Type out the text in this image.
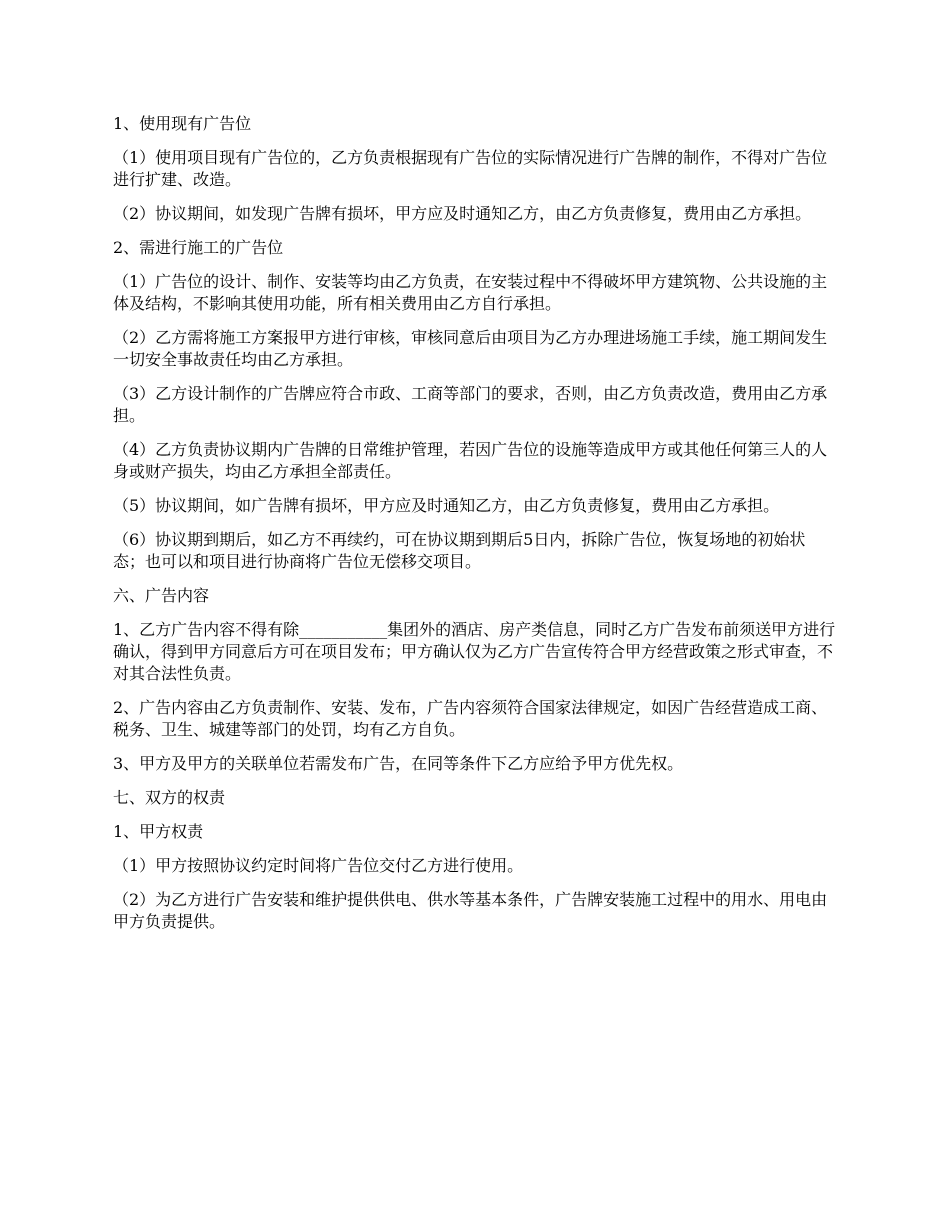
1、使用现有广告位

（1）使用项目现有广告位的，乙方负责根据现有广告位的实际情况进行广告牌的制作，不得对广告位进行扩建、改造。

（2）协议期间，如发现广告牌有损坏，甲方应及时通知乙方，由乙方负责修复，费用由乙方承担。

2、需进行施工的广告位

（1）广告位的设计、制作、安装等均由乙方负责，在安装过程中不得破坏甲方建筑物、公共设施的主体及结构，不影响其使用功能，所有相关费用由乙方自行承担。

（2）乙方需将施工方案报甲方进行审核，审核同意后由项目为乙方办理进场施工手续，施工期间发生一切安全事故责任均由乙方承担。

（3）乙方设计制作的广告牌应符合市政、工商等部门的要求，否则，由乙方负责改造，费用由乙方承担。

（4）乙方负责协议期内广告牌的日常维护管理，若因广告位的设施等造成甲方或其他任何第三人的人身或财产损失，均由乙方承担全部责任。

（5）协议期间，如广告牌有损坏，甲方应及时通知乙方，由乙方负责修复，费用由乙方承担。

（6）协议期到期后，如乙方不再续约，可在协议期到期后5日内，拆除广告位，恢复场地的初始状态；也可以和项目进行协商将广告位无偿移交项目。

六、广告内容

1、乙方广告内容不得有除___________集团外的酒店、房产类信息，同时乙方广告发布前须送甲方进行确认，得到甲方同意后方可在项目发布；甲方确认仅为乙方广告宣传符合甲方经营政策之形式审查，不对其合法性负责。

2、广告内容由乙方负责制作、安装、发布，广告内容须符合国家法律规定，如因广告经营造成工商、税务、卫生、城建等部门的处罚，均有乙方自负。

3、甲方及甲方的关联单位若需发布广告，在同等条件下乙方应给予甲方优先权。

七、双方的权责

1、甲方权责

（1）甲方按照协议约定时间将广告位交付乙方进行使用。

（2）为乙方进行广告安装和维护提供供电、供水等基本条件，广告牌安装施工过程中的用水、用电由甲方负责提供。
